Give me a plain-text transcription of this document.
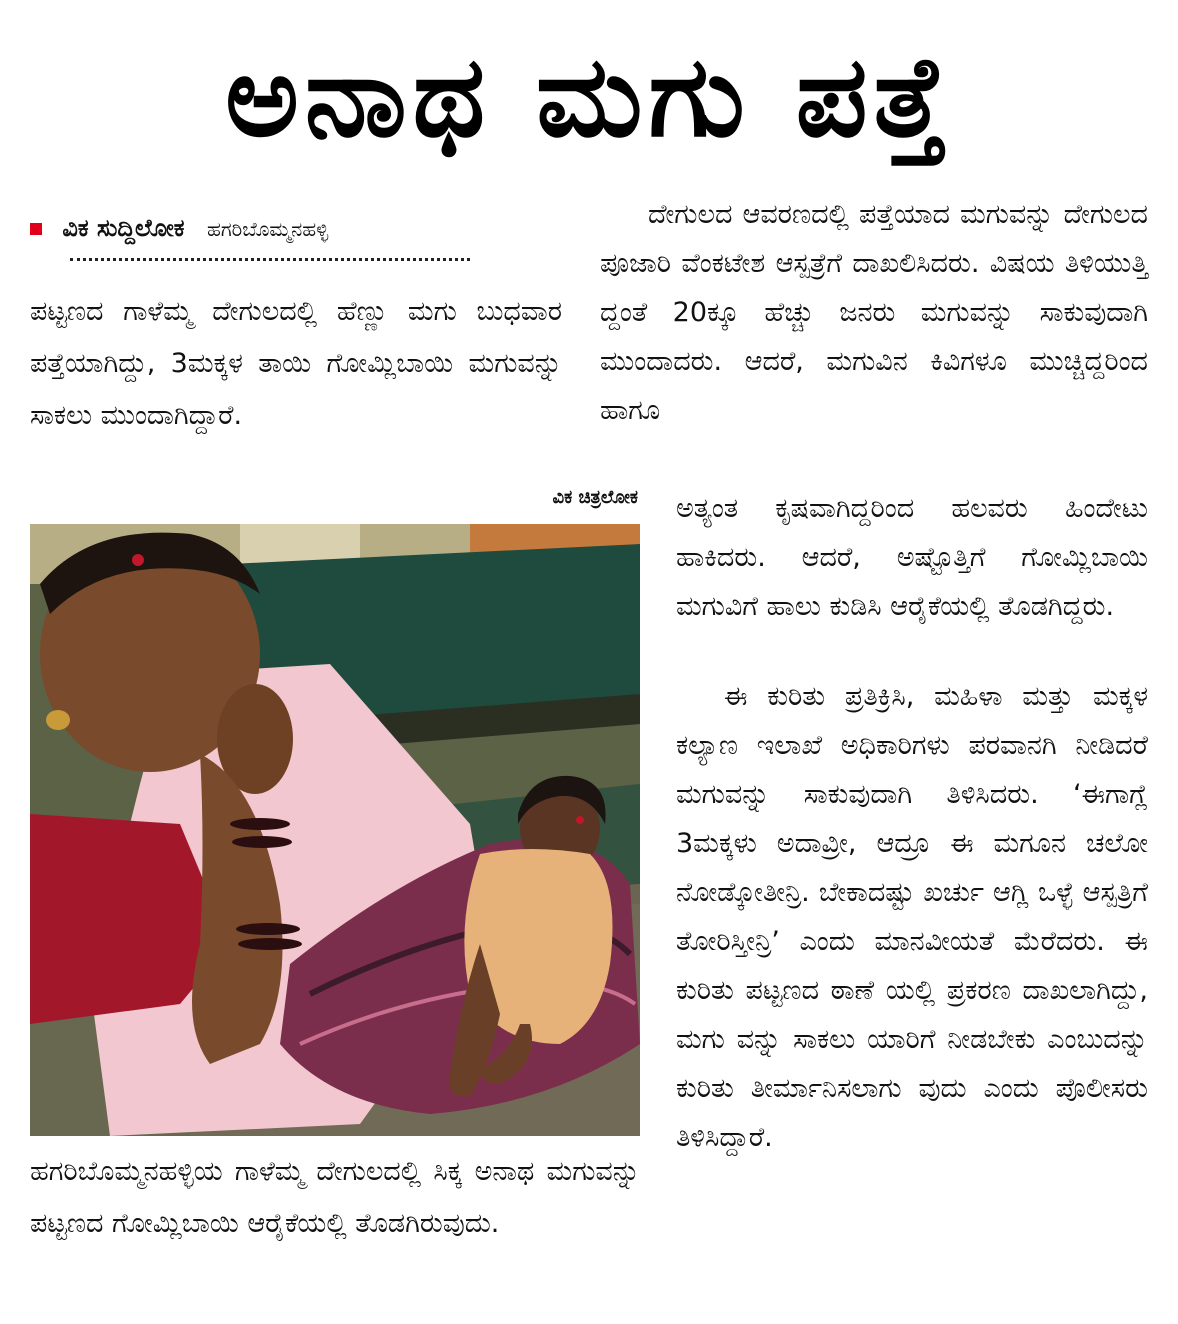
ಅನಾಥ ಮಗು ಪತ್ತೆ
ವಿಕ ಸುದ್ದಿಲೋಕ ಹಗರಿಬೊಮ್ಮನಹಳ್ಳಿ

ಪಟ್ಟಣದ ಗಾಳೆಮ್ಮ ದೇಗುಲದಲ್ಲಿ ಹೆಣ್ಣು ಮಗು ಬುಧವಾರ ಪತ್ತೆಯಾಗಿದ್ದು, 3ಮಕ್ಕಳ ತಾಯಿ ಗೋಮ್ಲಿಬಾಯಿ ಮಗುವನ್ನು ಸಾಕಲು ಮುಂದಾಗಿದ್ದಾರೆ.

ವಿಕ ಚಿತ್ರಲೋಕ

ಹಗರಿಬೊಮ್ಮನಹಳ್ಳಿಯ ಗಾಳೆಮ್ಮ ದೇಗುಲದಲ್ಲಿ ಸಿಕ್ಕ ಅನಾಥ ಮಗುವನ್ನು ಪಟ್ಟಣದ ಗೋಮ್ಲಿಬಾಯಿ ಆರೈಕೆಯಲ್ಲಿ ತೊಡಗಿರುವುದು.

ದೇಗುಲದ ಆವರಣದಲ್ಲಿ ಪತ್ತೆಯಾದ ಮಗುವನ್ನು ದೇಗುಲದ ಪೂಜಾರಿ ವೆಂಕಟೇಶ ಆಸ್ಪತ್ರೆಗೆ ದಾಖಲಿಸಿದರು. ವಿಷಯ ತಿಳಿಯುತ್ತಿ ದ್ದಂತೆ 20ಕ್ಕೂ ಹೆಚ್ಚು ಜನರು ಮಗುವನ್ನು ಸಾಕುವುದಾಗಿ ಮುಂದಾದರು. ಆದರೆ, ಮಗುವಿನ ಕಿವಿಗಳೂ ಮುಚ್ಚಿದ್ದರಿಂದ ಹಾಗೂ

ಅತ್ಯಂತ ಕೃಷವಾಗಿದ್ದರಿಂದ ಹಲವರು ಹಿಂದೇಟು ಹಾಕಿದರು. ಆದರೆ, ಅಷ್ಟೊತ್ತಿಗೆ ಗೋಮ್ಲಿಬಾಯಿ ಮಗುವಿಗೆ ಹಾಲು ಕುಡಿಸಿ ಆರೈಕೆಯಲ್ಲಿ ತೊಡಗಿದ್ದರು.

ಈ ಕುರಿತು ಪ್ರತಿಕ್ರಿಸಿ, ಮಹಿಳಾ ಮತ್ತು ಮಕ್ಕಳ ಕಲ್ಯಾಣ ಇಲಾಖೆ ಅಧಿಕಾರಿಗಳು ಪರವಾನಗಿ ನೀಡಿದರೆ ಮಗುವನ್ನು ಸಾಕುವುದಾಗಿ ತಿಳಿಸಿದರು. ‘ಈಗಾಗ್ಲೆ 3ಮಕ್ಕಳು ಅದಾವ್ರೀ, ಆದ್ರೂ ಈ ಮಗೂನ ಚಲೋ ನೋಡ್ಕೋತೀನ್ರಿ. ಬೇಕಾದಷ್ಟು ಖರ್ಚು ಆಗ್ಲಿ ಒಳ್ಳೆ ಆಸ್ಪತ್ರಿಗೆ ತೋರಿಸ್ತೀನ್ರಿ’ ಎಂದು ಮಾನವೀಯತೆ ಮೆರೆದರು. ಈ ಕುರಿತು ಪಟ್ಟಣದ ಠಾಣೆ ಯಲ್ಲಿ ಪ್ರಕರಣ ದಾಖಲಾಗಿದ್ದು, ಮಗು ವನ್ನು ಸಾಕಲು ಯಾರಿಗೆ ನೀಡಬೇಕು ಎಂಬುದನ್ನು ಕುರಿತು ತೀರ್ಮಾನಿಸಲಾಗು ವುದು ಎಂದು ಪೊಲೀಸರು ತಿಳಿಸಿದ್ದಾರೆ.
